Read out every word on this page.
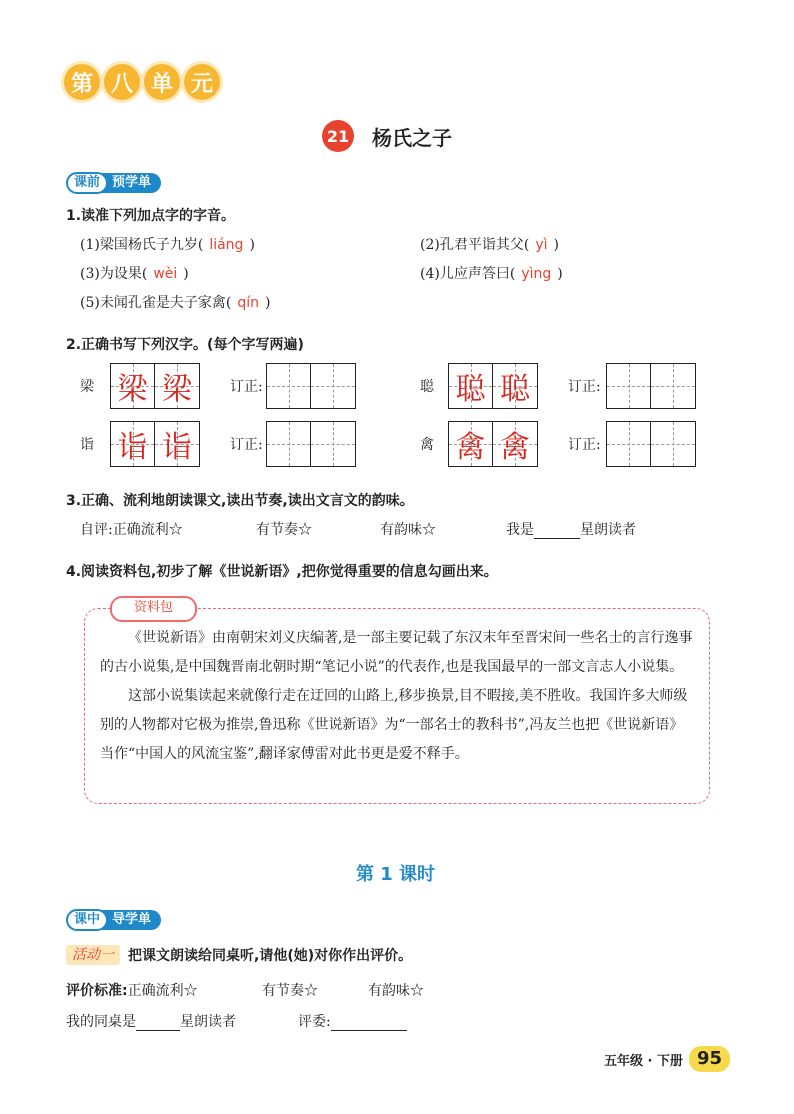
第 八 单 元
21 杨氏之子
课前 预学单
1.读准下列加点字的字音。
(1)梁国杨氏子九岁( liáng )	(2)孔君平诣其父( yì )
(3)为设果( wèi )	(4)儿应声答曰( yìng )
(5)未闻孔雀是夫子家禽( qín )
2.正确书写下列汉字。(每个字写两遍)
梁 梁 梁	订正:	聪 聪 聪	订正:
诣 诣 诣	订正:	禽 禽 禽	订正:
3.正确、流利地朗读课文,读出节奏,读出文言文的韵味。
自评:正确流利☆	有节奏☆	有韵味☆	我是	星朗读者
4.阅读资料包,初步了解《世说新语》,把你觉得重要的信息勾画出来。
资料包

《世说新语》由南朝宋刘义庆编著,是一部主要记载了东汉末年至晋宋间一些名士的言行逸事的古小说集,是中国魏晋南北朝时期“笔记小说”的代表作,也是我国最早的一部文言志人小说集。

这部小说集读起来就像行走在迂回的山路上,移步换景,目不暇接,美不胜收。我国许多大师级别的人物都对它极为推崇,鲁迅称《世说新语》为“一部名士的教科书”,冯友兰也把《世说新语》当作“中国人的风流宝鉴”,翻译家傅雷对此书更是爱不释手。

第 1 课时
课中 导学单
活动一	把课文朗读给同桌听,请他(她)对你作出评价。
评价标准:正确流利☆	有节奏☆	有韵味☆
我的同桌是	星朗读者	评委:
五年级 · 下册 95
